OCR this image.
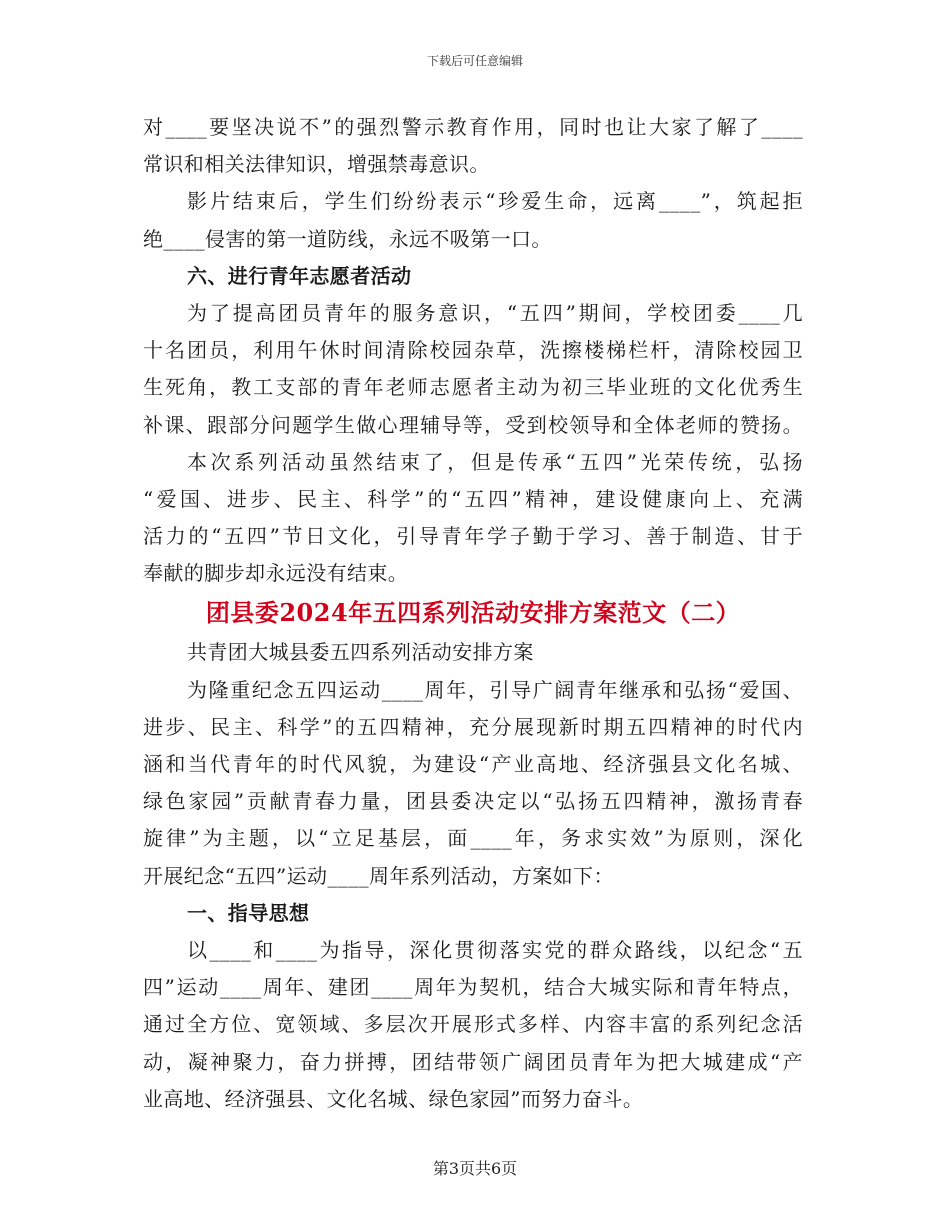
下载后可任意编辑
对____要坚决说不”的强烈警示教育作用，同时也让大家了解了____
常识和相关法律知识，增强禁毒意识。
影片结束后，学生们纷纷表示“珍爱生命，远离____”，筑起拒
绝____侵害的第一道防线，永远不吸第一口。
六、进行青年志愿者活动
为了提高团员青年的服务意识，“五四”期间，学校团委____几
十名团员，利用午休时间清除校园杂草，洗擦楼梯栏杆，清除校园卫
生死角，教工支部的青年老师志愿者主动为初三毕业班的文化优秀生
补课、跟部分问题学生做心理辅导等，受到校领导和全体老师的赞扬。
本次系列活动虽然结束了，但是传承“五四”光荣传统，弘扬
“爱国、进步、民主、科学”的“五四”精神，建设健康向上、充满
活力的“五四”节日文化，引导青年学子勤于学习、善于制造、甘于
奉献的脚步却永远没有结束。
团县委2024年五四系列活动安排方案范文（二）
共青团大城县委五四系列活动安排方案
为隆重纪念五四运动____周年，引导广阔青年继承和弘扬“爱国、
进步、民主、科学”的五四精神，充分展现新时期五四精神的时代内
涵和当代青年的时代风貌，为建设“产业高地、经济强县文化名城、
绿色家园”贡献青春力量，团县委决定以“弘扬五四精神，激扬青春
旋律”为主题，以“立足基层，面____年，务求实效”为原则，深化
开展纪念“五四”运动____周年系列活动，方案如下：
一、指导思想
以____和____为指导，深化贯彻落实党的群众路线，以纪念“五
四”运动____周年、建团____周年为契机，结合大城实际和青年特点，
通过全方位、宽领域、多层次开展形式多样、内容丰富的系列纪念活
动，凝神聚力，奋力拼搏，团结带领广阔团员青年为把大城建成“产
业高地、经济强县、文化名城、绿色家园”而努力奋斗。
第3页共6页
